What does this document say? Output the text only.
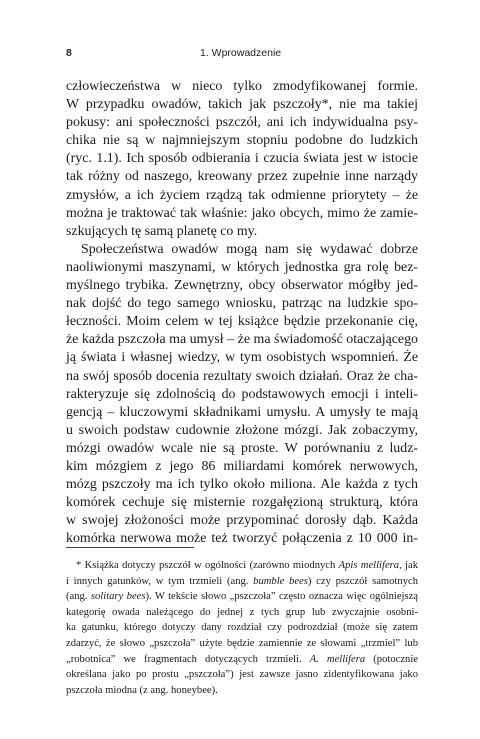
8	1. Wprowadzenie
człowieczeństwa w nieco tylko zmodyfikowanej formie.
W przypadku owadów, takich jak pszczoły*, nie ma takiej
pokusy: ani społeczności pszczół, ani ich indywidualna psy-
chika nie są w najmniejszym stopniu podobne do ludzkich
(ryc. 1.1). Ich sposób odbierania i czucia świata jest w istocie
tak różny od naszego, kreowany przez zupełnie inne narządy
zmysłów, a ich życiem rządzą tak odmienne priorytety – że
można je traktować tak właśnie: jako obcych, mimo że zamie-
szkujących tę samą planetę co my.
Społeczeństwa owadów mogą nam się wydawać dobrze
naoliwionymi maszynami, w których jednostka gra rolę bez-
myślnego trybika. Zewnętrzny, obcy obserwator mógłby jed-
nak dojść do tego samego wniosku, patrząc na ludzkie spo-
łeczności. Moim celem w tej książce będzie przekonanie cię,
że każda pszczoła ma umysł – że ma świadomość otaczającego
ją świata i własnej wiedzy, w tym osobistych wspomnień. Że
na swój sposób docenia rezultaty swoich działań. Oraz że cha-
rakteryzuje się zdolnością do podstawowych emocji i inteli-
gencją – kluczowymi składnikami umysłu. A umysły te mają
u swoich podstaw cudownie złożone mózgi. Jak zobaczymy,
mózgi owadów wcale nie są proste. W porównaniu z ludz-
kim mózgiem z jego 86 miliardami komórek nerwowych,
mózg pszczoły ma ich tylko około miliona. Ale każda z tych
komórek cechuje się misternie rozgałęzioną strukturą, która
w swojej złożoności może przypominać dorosły dąb. Każda
komórka nerwowa może też tworzyć połączenia z 10 000 in-
* Książka dotyczy pszczół w ogólności (zarówno miodnych Apis mellifera, jak
i innych gatunków, w tym trzmieli (ang. bumble bees) czy pszczół samotnych
(ang. solitary bees). W tekście słowo „pszczoła” często oznacza więc ogólniejszą
kategorię owada należącego do jednej z tych grup lub zwyczajnie osobni-
ka gatunku, którego dotyczy dany rozdział czy podrozdział (może się zatem
zdarzyć, że słowo „pszczoła” użyte będzie zamiennie ze słowami „trzmiel” lub
„robotnica” we fragmentach dotyczących trzmieli. A. mellifera (potocznie
określana jako po prostu „pszczoła”) jest zawsze jasno zidentyfikowana jako
pszczoła miodna (z ang. honeybee).
